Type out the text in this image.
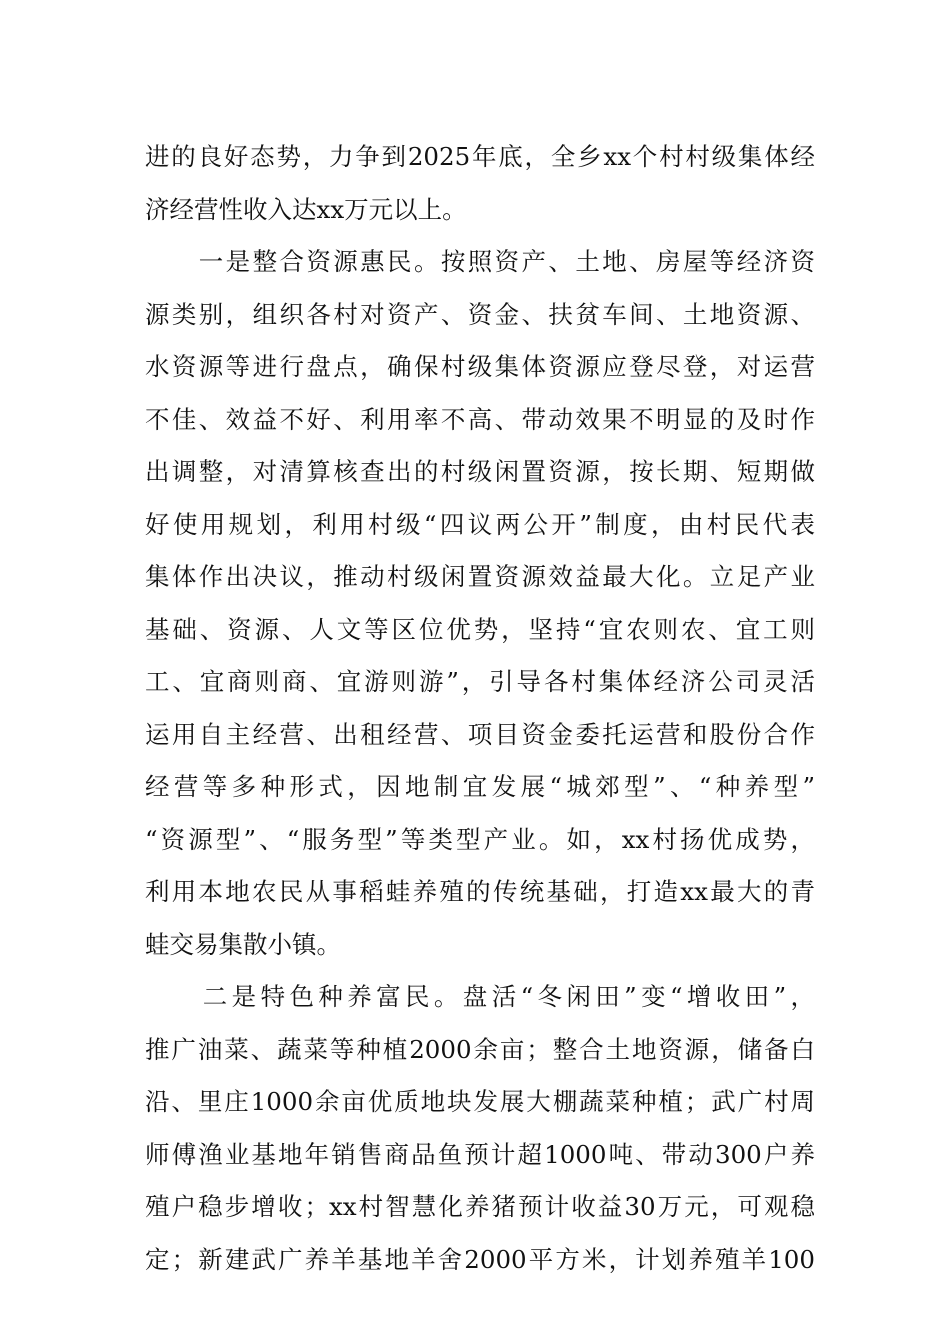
进的良好态势，力争到2025年底，全乡xx个村村级集体经
济经营性收入达xx万元以上。
　　一是整合资源惠民。按照资产、土地、房屋等经济资
源类别，组织各村对资产、资金、扶贫车间、土地资源、
水资源等进行盘点，确保村级集体资源应登尽登，对运营
不佳、效益不好、利用率不高、带动效果不明显的及时作
出调整，对清算核查出的村级闲置资源，按长期、短期做
好使用规划，利用村级“四议两公开”制度，由村民代表
集体作出决议，推动村级闲置资源效益最大化。立足产业
基础、资源、人文等区位优势，坚持“宜农则农、宜工则
工、宜商则商、宜游则游”，引导各村集体经济公司灵活
运用自主经营、出租经营、项目资金委托运营和股份合作
经营等多种形式，因地制宜发展“城郊型”、“种养型”
“资源型”、“服务型”等类型产业。如，xx村扬优成势，
利用本地农民从事稻蛙养殖的传统基础，打造xx最大的青
蛙交易集散小镇。
　　二是特色种养富民。盘活“冬闲田”变“增收田”，
推广油菜、蔬菜等种植2000余亩；整合土地资源，储备白
沿、里庄1000余亩优质地块发展大棚蔬菜种植；武广村周
师傅渔业基地年销售商品鱼预计超1000吨、带动300户养
殖户稳步增收；xx村智慧化养猪预计收益30万元，可观稳
定；新建武广养羊基地羊舍2000平方米，计划养殖羊100
